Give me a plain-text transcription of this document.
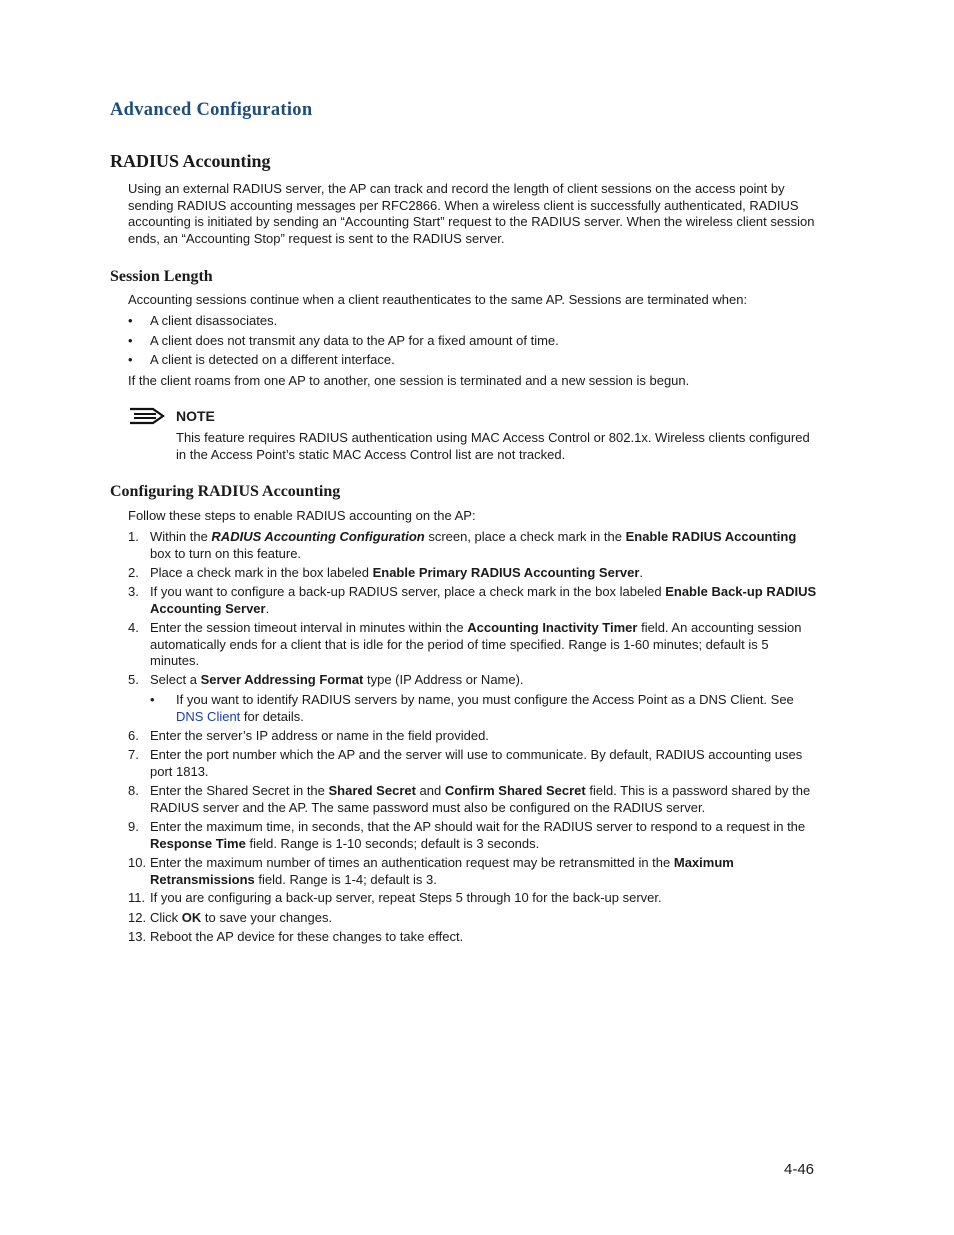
Advanced Configuration
RADIUS Accounting
Using an external RADIUS server, the AP can track and record the length of client sessions on the access point by sending RADIUS accounting messages per RFC2866. When a wireless client is successfully authenticated, RADIUS accounting is initiated by sending an “Accounting Start” request to the RADIUS server. When the wireless client session ends, an “Accounting Stop” request is sent to the RADIUS server.
Session Length
Accounting sessions continue when a client reauthenticates to the same AP. Sessions are terminated when:
• A client disassociates.
• A client does not transmit any data to the AP for a fixed amount of time.
• A client is detected on a different interface.
If the client roams from one AP to another, one session is terminated and a new session is begun.
NOTE
This feature requires RADIUS authentication using MAC Access Control or 802.1x. Wireless clients configured in the Access Point’s static MAC Access Control list are not tracked.
Configuring RADIUS Accounting
Follow these steps to enable RADIUS accounting on the AP:
1. Within the RADIUS Accounting Configuration screen, place a check mark in the Enable RADIUS Accounting box to turn on this feature.
2. Place a check mark in the box labeled Enable Primary RADIUS Accounting Server.
3. If you want to configure a back-up RADIUS server, place a check mark in the box labeled Enable Back-up RADIUS Accounting Server.
4. Enter the session timeout interval in minutes within the Accounting Inactivity Timer field. An accounting session automatically ends for a client that is idle for the period of time specified. Range is 1-60 minutes; default is 5 minutes.
5. Select a Server Addressing Format type (IP Address or Name).
• If you want to identify RADIUS servers by name, you must configure the Access Point as a DNS Client. See DNS Client for details.
6. Enter the server’s IP address or name in the field provided.
7. Enter the port number which the AP and the server will use to communicate. By default, RADIUS accounting uses port 1813.
8. Enter the Shared Secret in the Shared Secret and Confirm Shared Secret field. This is a password shared by the RADIUS server and the AP. The same password must also be configured on the RADIUS server.
9. Enter the maximum time, in seconds, that the AP should wait for the RADIUS server to respond to a request in the Response Time field. Range is 1-10 seconds; default is 3 seconds.
10. Enter the maximum number of times an authentication request may be retransmitted in the Maximum Retransmissions field. Range is 1-4; default is 3.
11. If you are configuring a back-up server, repeat Steps 5 through 10 for the back-up server.
12. Click OK to save your changes.
13. Reboot the AP device for these changes to take effect.
4-46
